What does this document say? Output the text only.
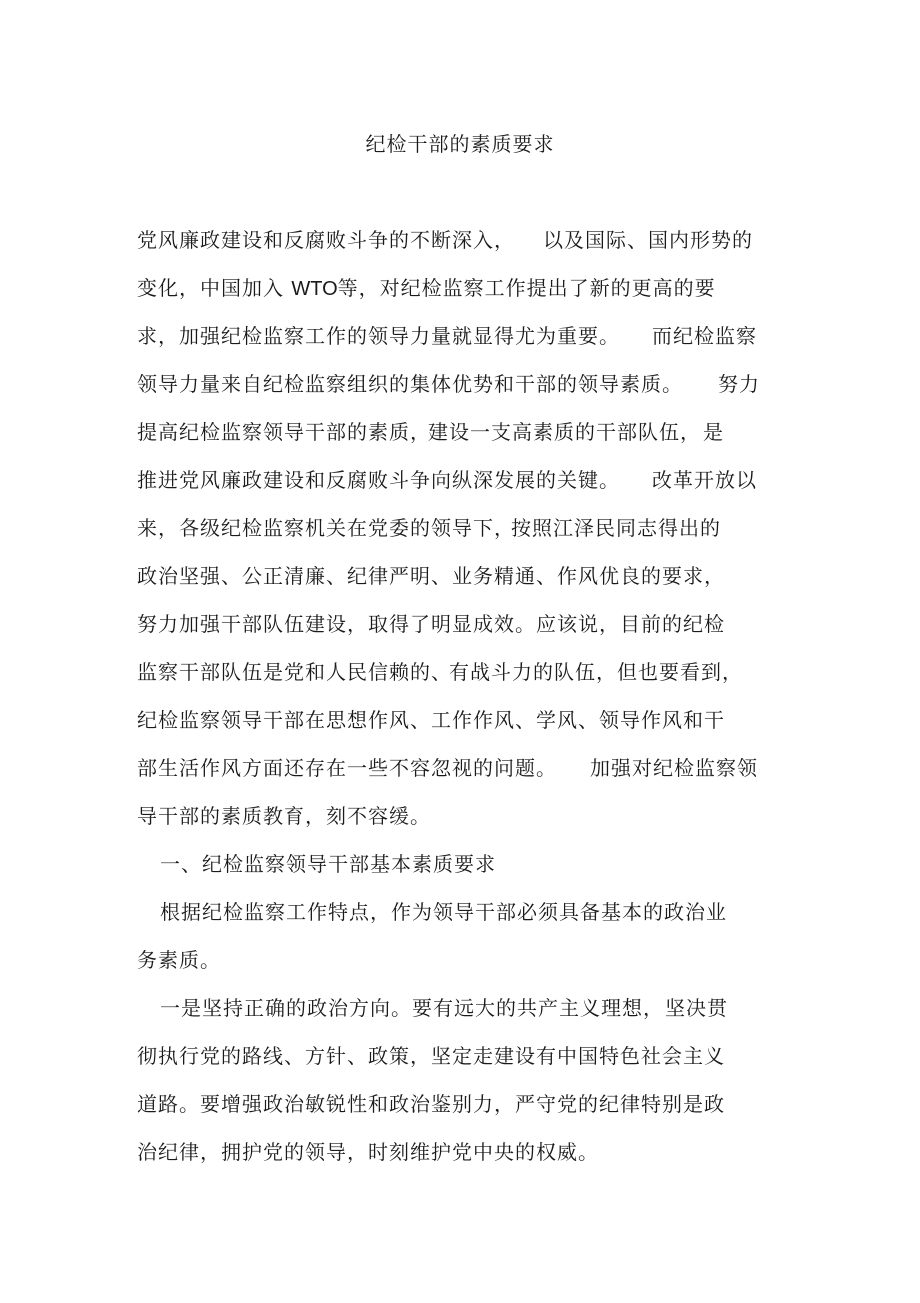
纪检干部的素质要求
党风廉政建设和反腐败斗争的不断深入， 以及国际、国内形势的
变化，中国加入 WTO等，对纪检监察工作提出了新的更高的要
求，加强纪检监察工作的领导力量就显得尤为重要。 而纪检监察
领导力量来自纪检监察组织的集体优势和干部的领导素质。 努力
提高纪检监察领导干部的素质，
建设一支高素质的干部队伍， 是
推进党风廉政建设和反腐败斗争向纵深发展的关键。 改革开放以
来，各级纪检监察机关在党委的领导下，
按照江泽民同志得出的
政治坚强、公正清廉、纪律严明、业务精通、作风优良的要求，
努力加强干部队伍建设，取得了明显成效。应该说，目前的纪检
监察干部队伍是党和人民信赖的、
有战斗力的队伍，但也要看到，
纪检监察领导干部在思想作风、工作作风、学风、领导作风和干
部生活作风方面还存在一些不容忽视的问题。 加强对纪检监察领
导干部的素质教育，刻不容缓。
一、纪检监察领导干部基本素质要求
根据纪检监察工作特点，作为领导干部必须具备基本的政治业
务素质。
一是坚持正确的政治方向。 要有远大的共产主义理想， 坚决贯
彻执行党的路线、方针、政策，坚定走建设有中国特色社会主义
道路。要增强政治敏锐性和政治鉴别力，严守党的纪律特别是政
治纪律，拥护党的领导，时刻维护党中央的权威。
